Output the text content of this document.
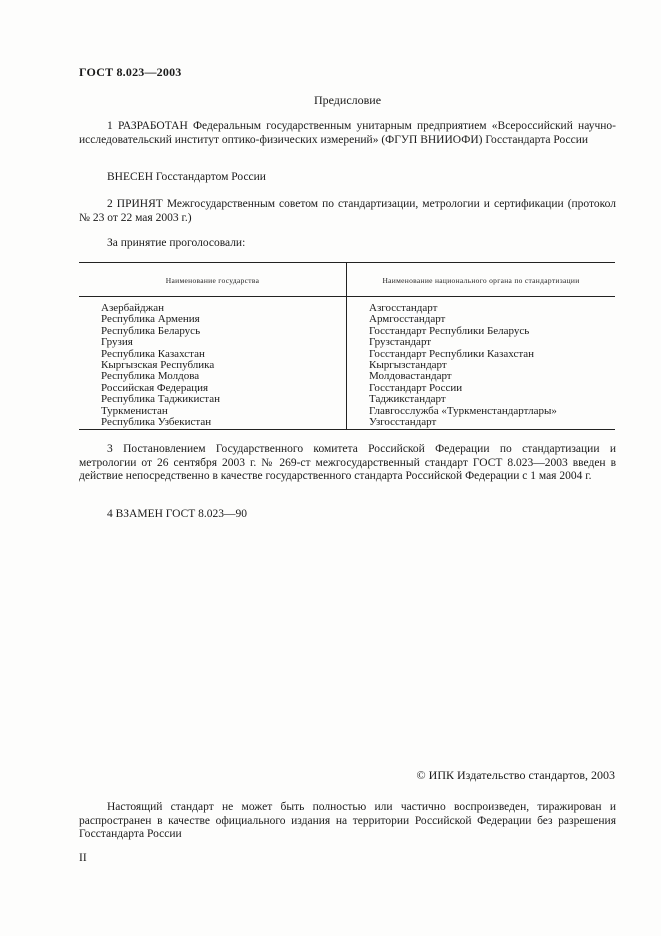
ГОСТ 8.023—2003
Предисловие
1 РАЗРАБОТАН Федеральным государственным унитарным предприятием «Всероссийский научно-исследовательский институт оптико-физических измерений» (ФГУП ВНИИОФИ) Госстандарта России
ВНЕСЕН Госстандартом России
2 ПРИНЯТ Межгосударственным советом по стандартизации, метрологии и сертификации (протокол № 23 от 22 мая 2003 г.)
За принятие проголосовали:
Наименование государства	Наименование национального органа по стандартизации
Азербайджан
Республика Армения
Республика Беларусь
Грузия
Республика Казахстан
Кыргызская Республика
Республика Молдова
Российская Федерация
Республика Таджикистан
Туркменистан
Республика Узбекистан
Азгосстандарт
Армгосстандарт
Госстандарт Республики Беларусь
Грузстандарт
Госстандарт Республики Казахстан
Кыргызстандарт
Молдовастандарт
Госстандарт России
Таджикстандарт
Главгосслужба «Туркменстандартлары»
Узгосстандарт
3 Постановлением Государственного комитета Российской Федерации по стандартизации и метрологии от 26 сентября 2003 г. № 269-ст межгосударственный стандарт ГОСТ 8.023—2003 введен в действие непосредственно в качестве государственного стандарта Российской Федерации с 1 мая 2004 г.
4 ВЗАМЕН ГОСТ 8.023—90
© ИПК Издательство стандартов, 2003
Настоящий стандарт не может быть полностью или частично воспроизведен, тиражирован и распространен в качестве официального издания на территории Российской Федерации без разрешения Госстандарта России
II
